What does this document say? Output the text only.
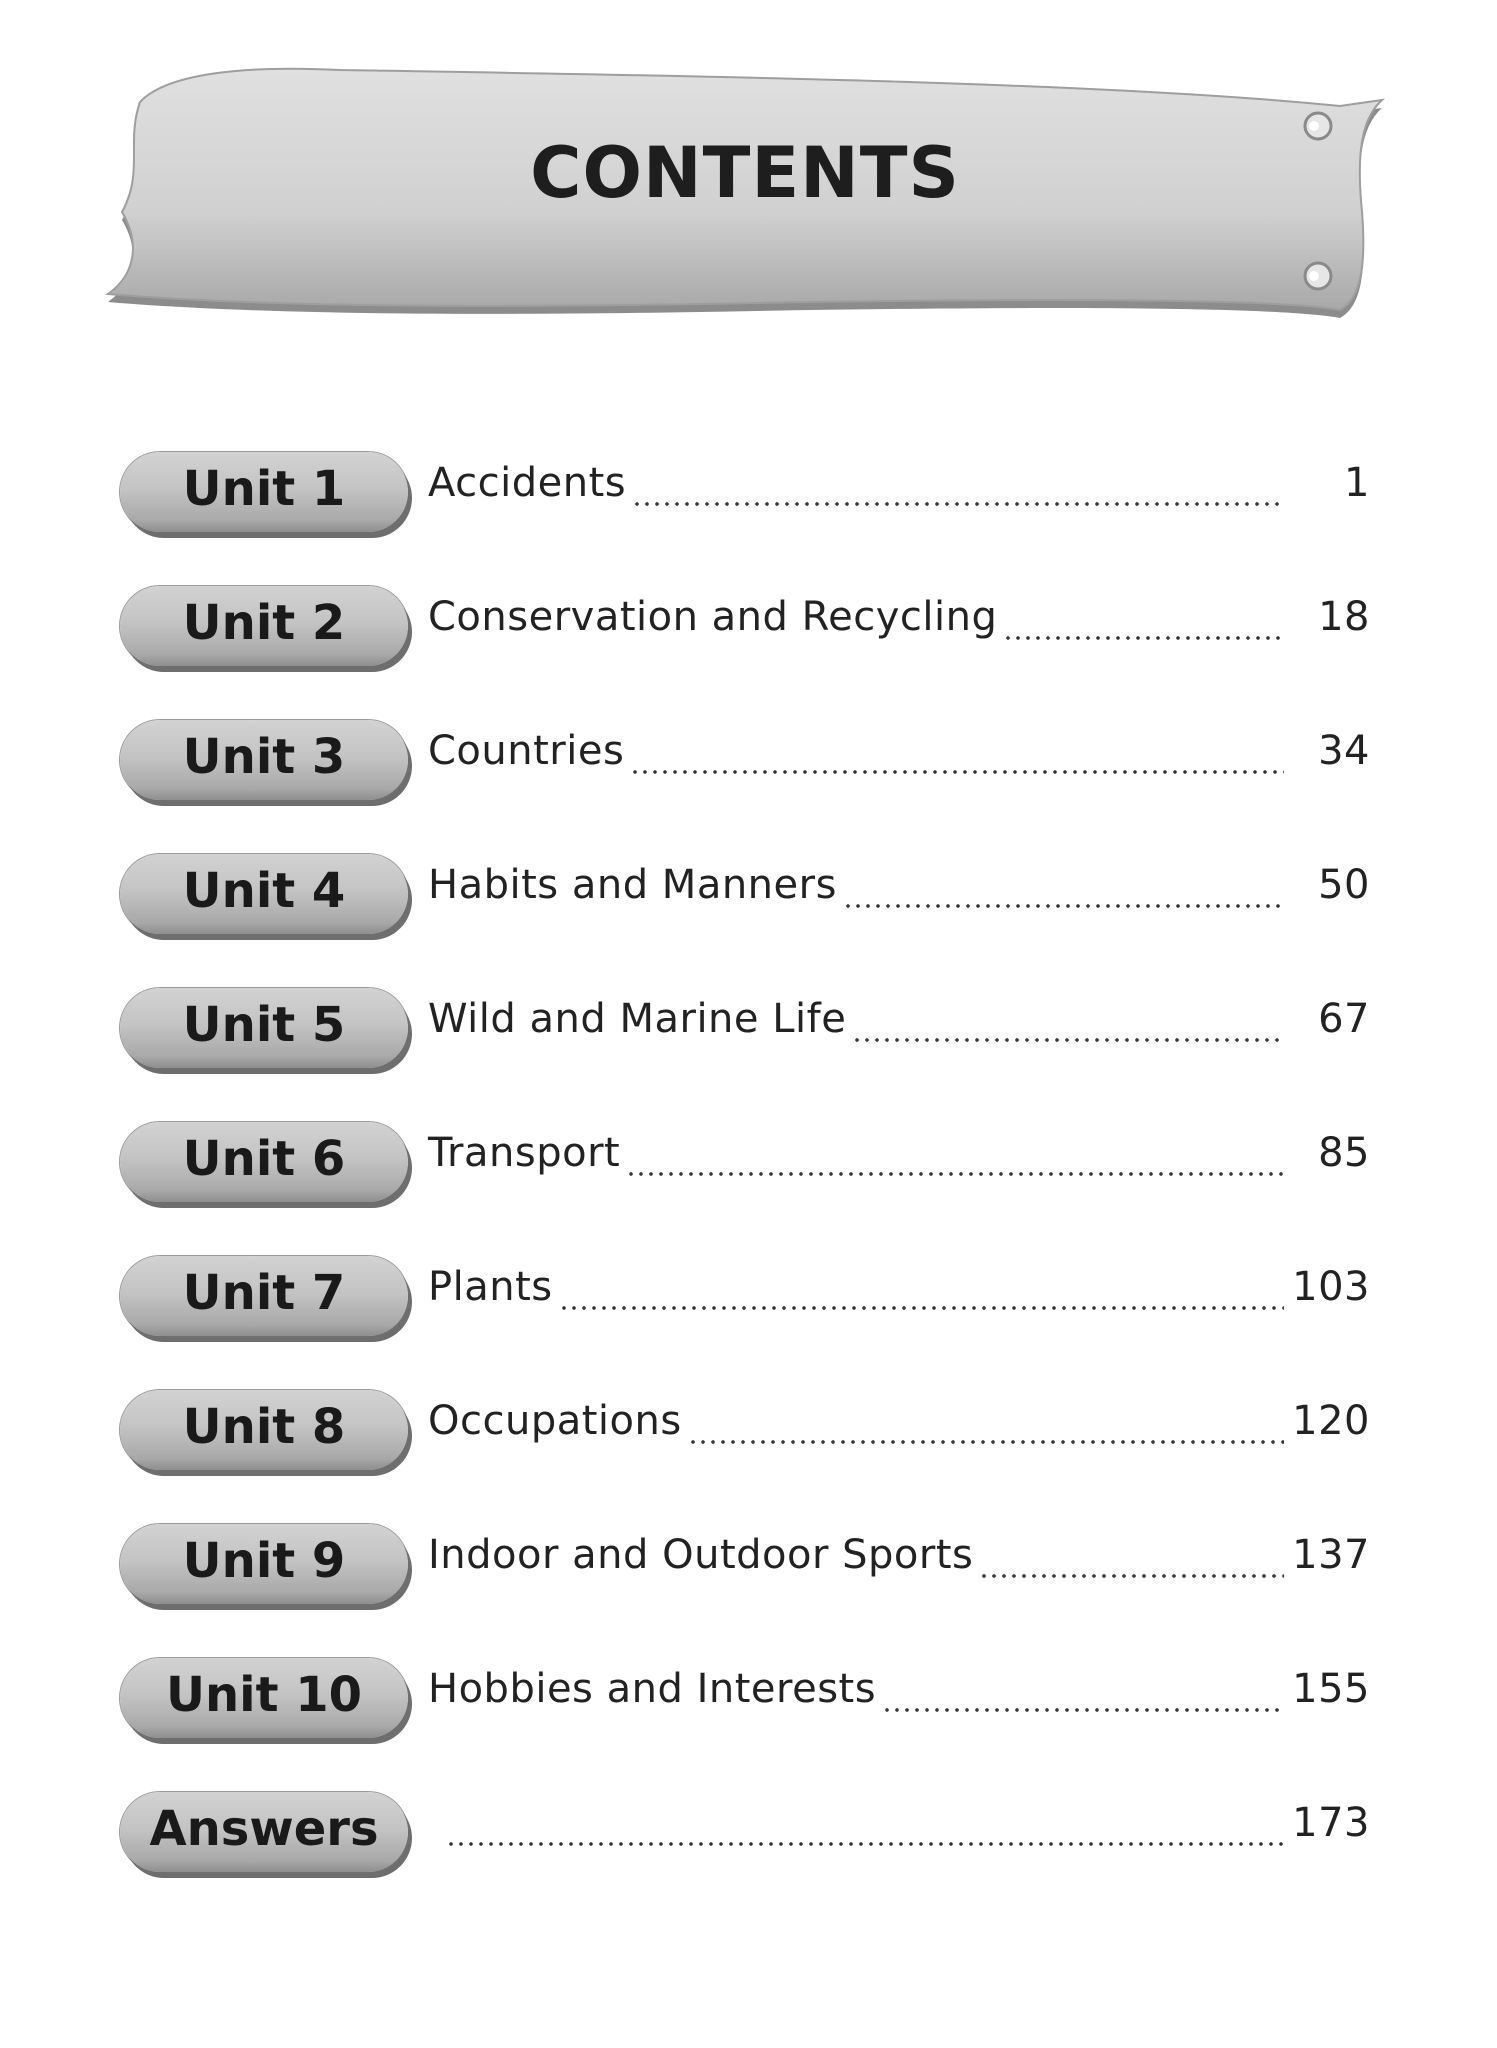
CONTENTS
Unit 1 Accidents	1
Unit 2 Conservation and Recycling	18
Unit 3 Countries	34
Unit 4 Habits and Manners	50
Unit 5 Wild and Marine Life	67
Unit 6 Transport	85
Unit 7 Plants	103
Unit 8 Occupations	120
Unit 9 Indoor and Outdoor Sports	137
Unit 10 Hobbies and Interests	155
Answers	173
